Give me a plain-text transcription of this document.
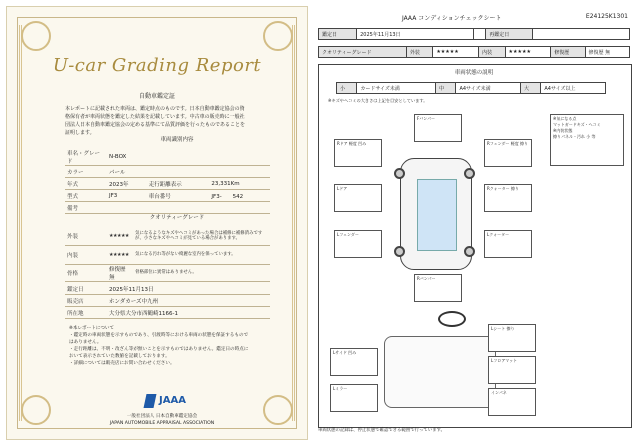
U-car Grading Report
自動車鑑定証
本レポートに記載された車両は、鑑定時点のものです。日本自動車鑑定協会の資格保有者が車両状態を鑑定した結果を記載しています。中古車の販売時に一般社団法人日本自動車鑑定協会の定める基準にて品質評価を行ったものであることを証明します。
車両識別内容
車名・グレード	N-BOX		
カラー	パール		
年式	2023年	走行距離表示	23,331Km
型式	JF3	車台番号	JF3-　　542
備考			
クオリティーグレード
外装	★★★★★	気になるようなキズやヘコミがあった場合は補修に補修済みですが、小さなキズやヘコミが見ている場合があります。
内装	★★★★★	気になる汚れ等がない綺麗な室内を保っています。
骨格	修復歴 無	骨格部位に異常はありません。
鑑定日	2025年11月13日
販売店	ホンダカーズ中九州
所在地	大分県大分市西鶴崎1166-1
※本レポートについて
・鑑定時の車両状態を示すものであり、引渡時等における車両の状態を保証するものではありません。
・走行距離は、不明・改ざん等が無いことを示すものではありません。鑑定日の時点において表示されていた数値を記載しております。
・詳細については販売店にお問い合わせください。
JAAA
一般社団法人 日本自動車鑑定協会
JAPAN AUTOMOBILE APPRAISAL ASSOCIATION
JAAA コンディションチェックシート	E24125K1301
鑑定日	2025年11月13日		再鑑定日	
クオリティーグレード	外装	★★★★★	内装	★★★★★	修復歴	修復歴 無
車両状態の説明
小	カードサイズ未満	中	A4サイズ未満	大	A4サイズ以上
※キズやヘコミの大きさは上記を目安としています。
Rドア 軽度 凹み
Lドア
Lフェンダー
Fバンパー
Rバンパー
Rフェンダー 軽度 擦り
Rクォーター 擦り
Lクォーター
※気になる点
マットガードキズ・ヘコミ
※内装状態
擦りパネル・汚れ 小 等
Lサイド 凹み
Lミラー
Lシート 擦り
Lフロアマット
インパネ
車両状態の記録は、停止状態で確認できる範囲で行っています。
